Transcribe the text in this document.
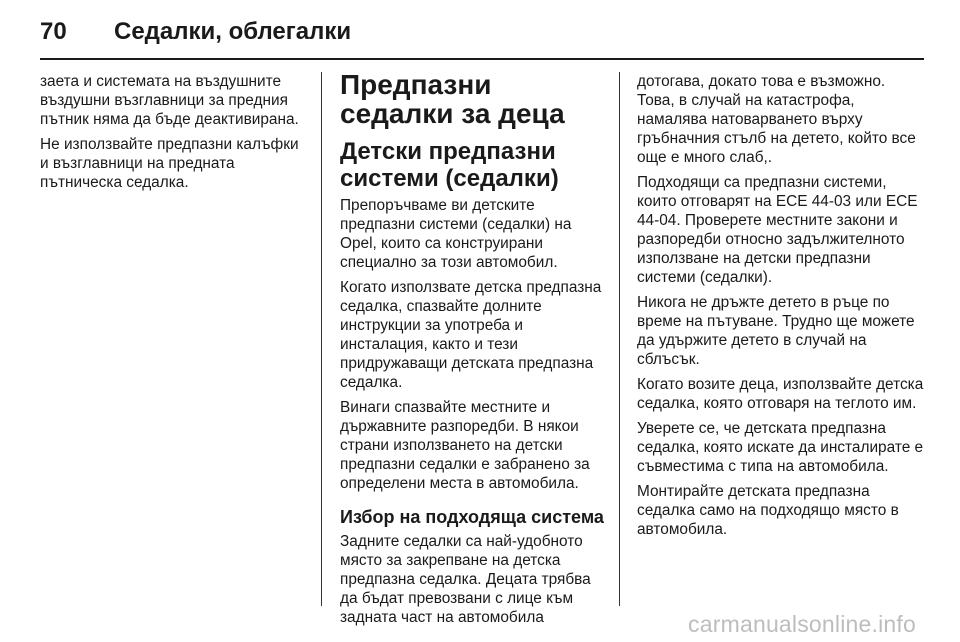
70 Седалки, облегалки

заета и системата на въздушните въздушни възглавници за предния пътник няма да бъде деактивирана.

Не използвайте предпазни калъфки и възглавници на предната пътническа седалка.

Предпазни седалки за деца
Детски предпазни системи (седалки)

Препоръчваме ви детските предпазни системи (седалки) на Opel, които са конструирани специално за този автомобил.

Когато използвате детска предпазна седалка, спазвайте долните инструкции за употреба и инсталация, както и тези придружаващи детската предпазна седалка.

Винаги спазвайте местните и държавните разпоредби. В някои страни използването на детски предпазни седалки е забранено за определени места в автомобила.

Избор на подходяща система

Задните седалки са най-удобното място за закрепване на детска предпазна седалка. Децата трябва да бъдат превозвани с лице към задната част на автомобила

дотогава, докато това е възможно. Това, в случай на катастрофа, намалява натоварването върху гръбначния стълб на детето, който все още е много слаб,.

Подходящи са предпазни системи, които отговарят на ECE 44-03 или ECE 44-04. Проверете местните закони и разпоредби относно задължителното използване на детски предпазни системи (седалки).

Никога не дръжте детето в ръце по време на пътуване. Трудно ще можете да удържите детето в случай на сблъсък.

Когато возите деца, използвайте детска седалка, която отговаря на теглото им.

Уверете се, че детската предпазна седалка, която искате да инсталирате е съвместима с типа на автомобила.

Монтирайте детската предпазна седалка само на подходящо място в автомобила.

carmanualsonline.info
